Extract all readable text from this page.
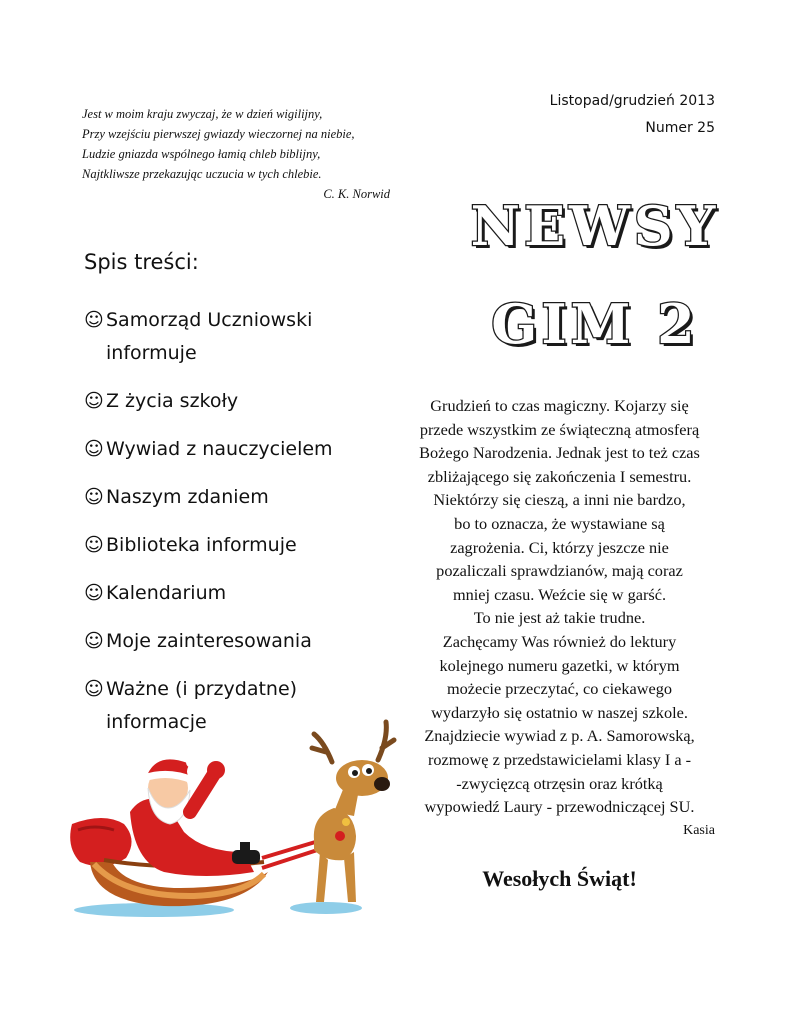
Jest w moim kraju zwyczaj, że w dzień wigilijny,
Przy wzejściu pierwszej gwiazdy wieczornej na niebie,
Ludzie gniazda wspólnego łamią chleb biblijny,
Najtkliwsze przekazując uczucia w tych chlebie.
C. K. Norwid
Listopad/grudzień 2013
Numer 25
NEWSY
GIM 2
Spis treści:
☺ Samorząd Uczniowski informuje
☺ Z życia szkoły
☺ Wywiad z nauczycielem
☺ Naszym zdaniem
☺ Biblioteka informuje
☺ Kalendarium
☺ Moje zainteresowania
☺ Ważne (i przydatne) informacje
Grudzień to czas magiczny. Kojarzy się
przede wszystkim ze świąteczną atmosferą
Bożego Narodzenia. Jednak jest to też czas
zbliżającego się zakończenia I semestru.
Niektórzy się cieszą, a inni nie bardzo,
bo to oznacza, że wystawiane są
zagrożenia. Ci, którzy jeszcze nie
pozaliczali sprawdzianów, mają coraz
mniej czasu. Weźcie się w garść.
To nie jest aż takie trudne.
Zachęcamy Was również do lektury
kolejnego numeru gazetki, w którym
możecie przeczytać, co ciekawego
wydarzyło się ostatnio w naszej szkole.
Znajdziecie wywiad z p. A. Samorowską,
rozmowę z przedstawicielami klasy I a -
-zwycięzcą otrzęsin oraz krótką
wypowiedź Laury - przewodniczącej SU.
Kasia
Wesołych Świąt!
